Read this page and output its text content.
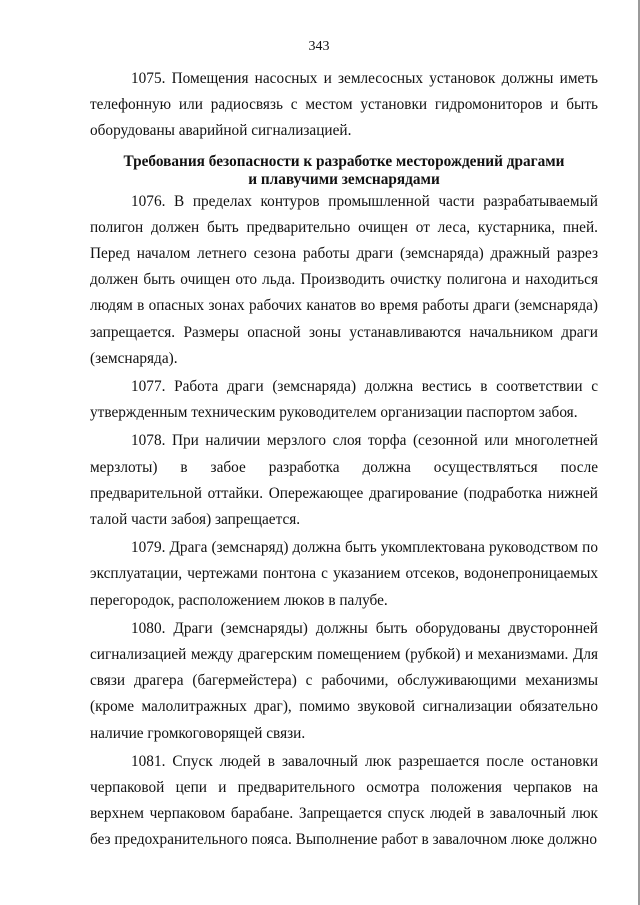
343

1075. Помещения насосных и землесосных установок должны иметь телефонную или радиосвязь с местом установки гидромониторов и быть оборудованы аварийной сигнализацией.

Требования безопасности к разработке месторождений драгами
и плавучими земснарядами

1076. В пределах контуров промышленной части разрабатываемый полигон должен быть предварительно очищен от леса, кустарника, пней. Перед началом летнего сезона работы драги (земснаряда) дражный разрез должен быть очищен ото льда. Производить очистку полигона и находиться людям в опасных зонах рабочих канатов во время работы драги (земснаряда) запрещается. Размеры опасной зоны устанавливаются начальником драги (земснаряда).

1077. Работа драги (земснаряда) должна вестись в соответствии с утвержденным техническим руководителем организации паспортом забоя.

1078. При наличии мерзлого слоя торфа (сезонной или многолетней мерзлоты) в забое разработка должна осуществляться после предварительной оттайки. Опережающее драгирование (подработка нижней талой части забоя) запрещается.

1079. Драга (земснаряд) должна быть укомплектована руководством по эксплуатации, чертежами понтона с указанием отсеков, водонепроницаемых перегородок, расположением люков в палубе.

1080. Драги (земснаряды) должны быть оборудованы двусторонней сигнализацией между драгерским помещением (рубкой) и механизмами. Для связи драгера (багермейстера) с рабочими, обслуживающими механизмы (кроме малолитражных драг), помимо звуковой сигнализации обязательно наличие громкоговорящей связи.

1081. Спуск людей в завалочный люк разрешается после остановки черпаковой цепи и предварительного осмотра положения черпаков на верхнем черпаковом барабане. Запрещается спуск людей в завалочный люк без предохранительного пояса. Выполнение работ в завалочном люке должно
